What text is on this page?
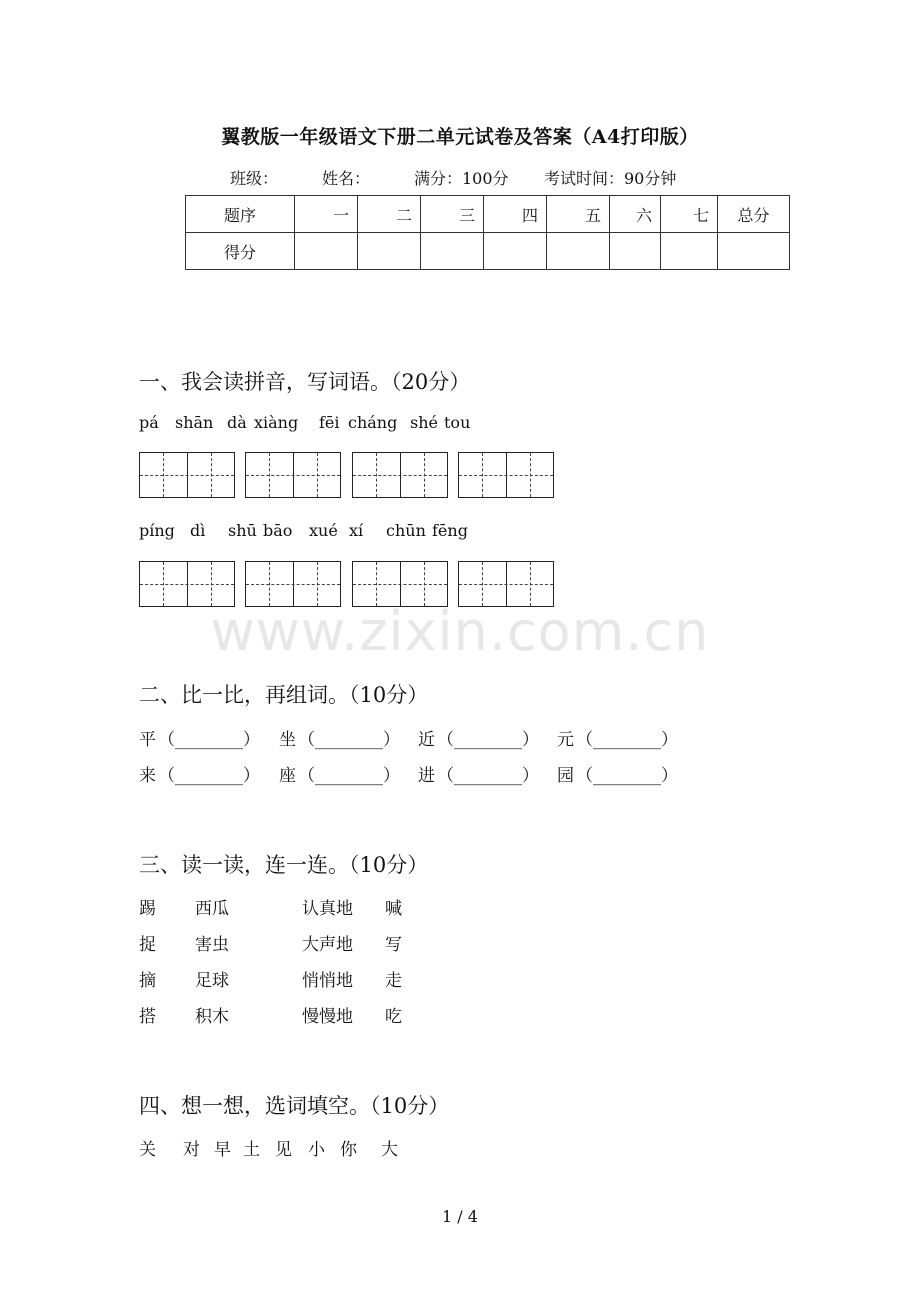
翼教版一年级语文下册二单元试卷及答案（A4打印版）
班级：	姓名：	满分：100分 考试时间：90分钟
题序	一	二	三	四	五	六	七	总分
得分								
一、我会读拼音，写词语。（20分）
pá shān dà xiàng fēi cháng shé tou
píng dì shū bāo xué xí chūn fēng
www.zixin.com.cn
二、比一比，再组词。（10分）
平 （________） 坐 （________） 近 （________） 元 （________）
来 （________） 座 （________） 进 （________） 园 （________）
三、读一读，连一连。（10分）
踢 西瓜	认真地 喊
捉 害虫	大声地 写
摘 足球	悄悄地 走
搭 积木	慢慢地 吃
四、想一想，选词填空。（10分）
关 对 早 土 见 小 你 大
1 / 4
